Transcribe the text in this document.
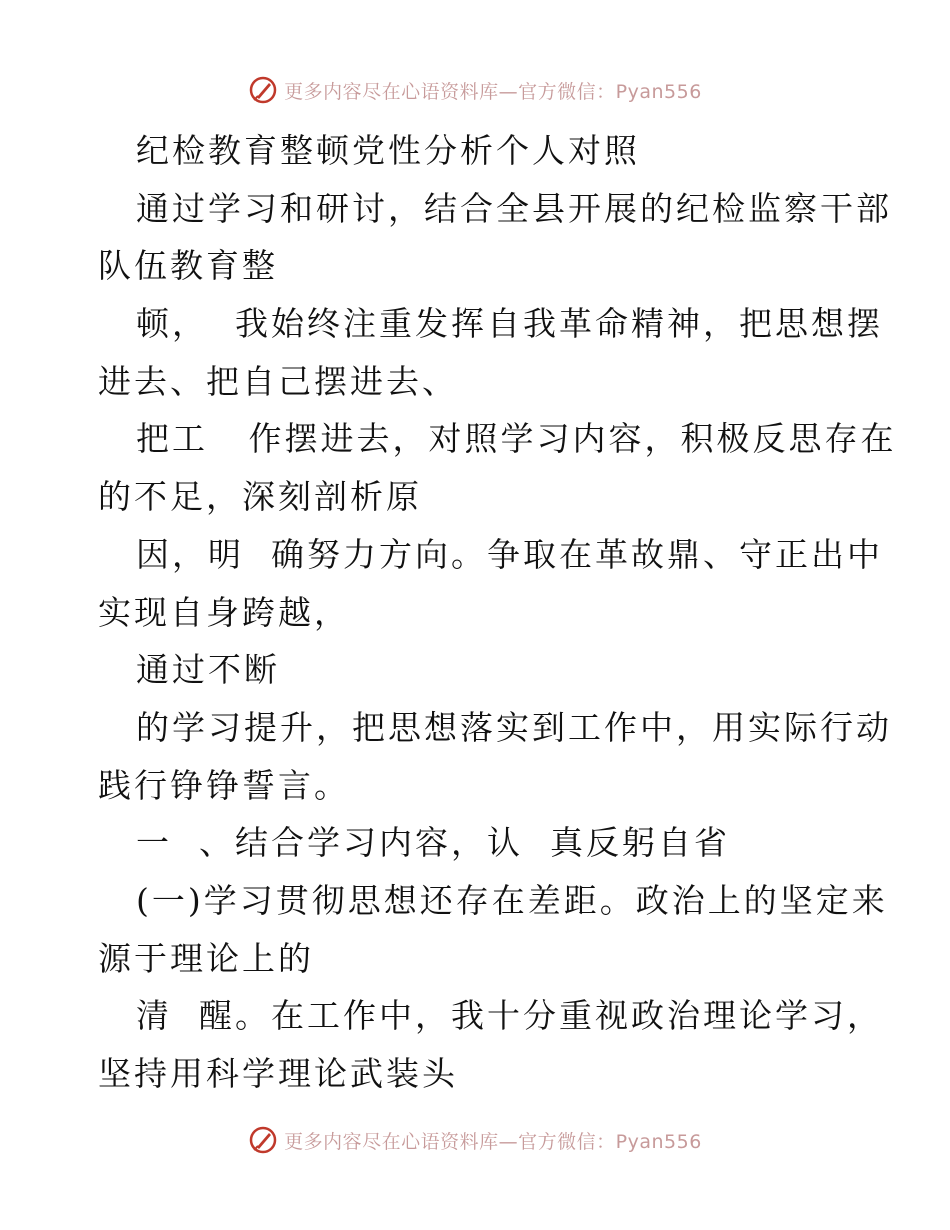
更多内容尽在心语资料库—官方微信：Pyan556
纪检教育整顿党性分析个人对照
通过学习和研讨，结合全县开展的纪检监察干部
队伍教育整
顿，  我始终注重发挥自我革命精神，把思想摆
进去、把自己摆进去、
把工   作摆进去，对照学习内容，积极反思存在
的不足，深刻剖析原
因，明  确努力方向。争取在革故鼎、守正出中
实现自身跨越，
通过不断
的学习提升，把思想落实到工作中，用实际行动
践行铮铮誓言。
一  、结合学习内容，认  真反躬自省
(一)学习贯彻思想还存在差距。政治上的坚定来
源于理论上的
清  醒。在工作中，我十分重视政治理论学习，
坚持用科学理论武装头
更多内容尽在心语资料库—官方微信：Pyan556
